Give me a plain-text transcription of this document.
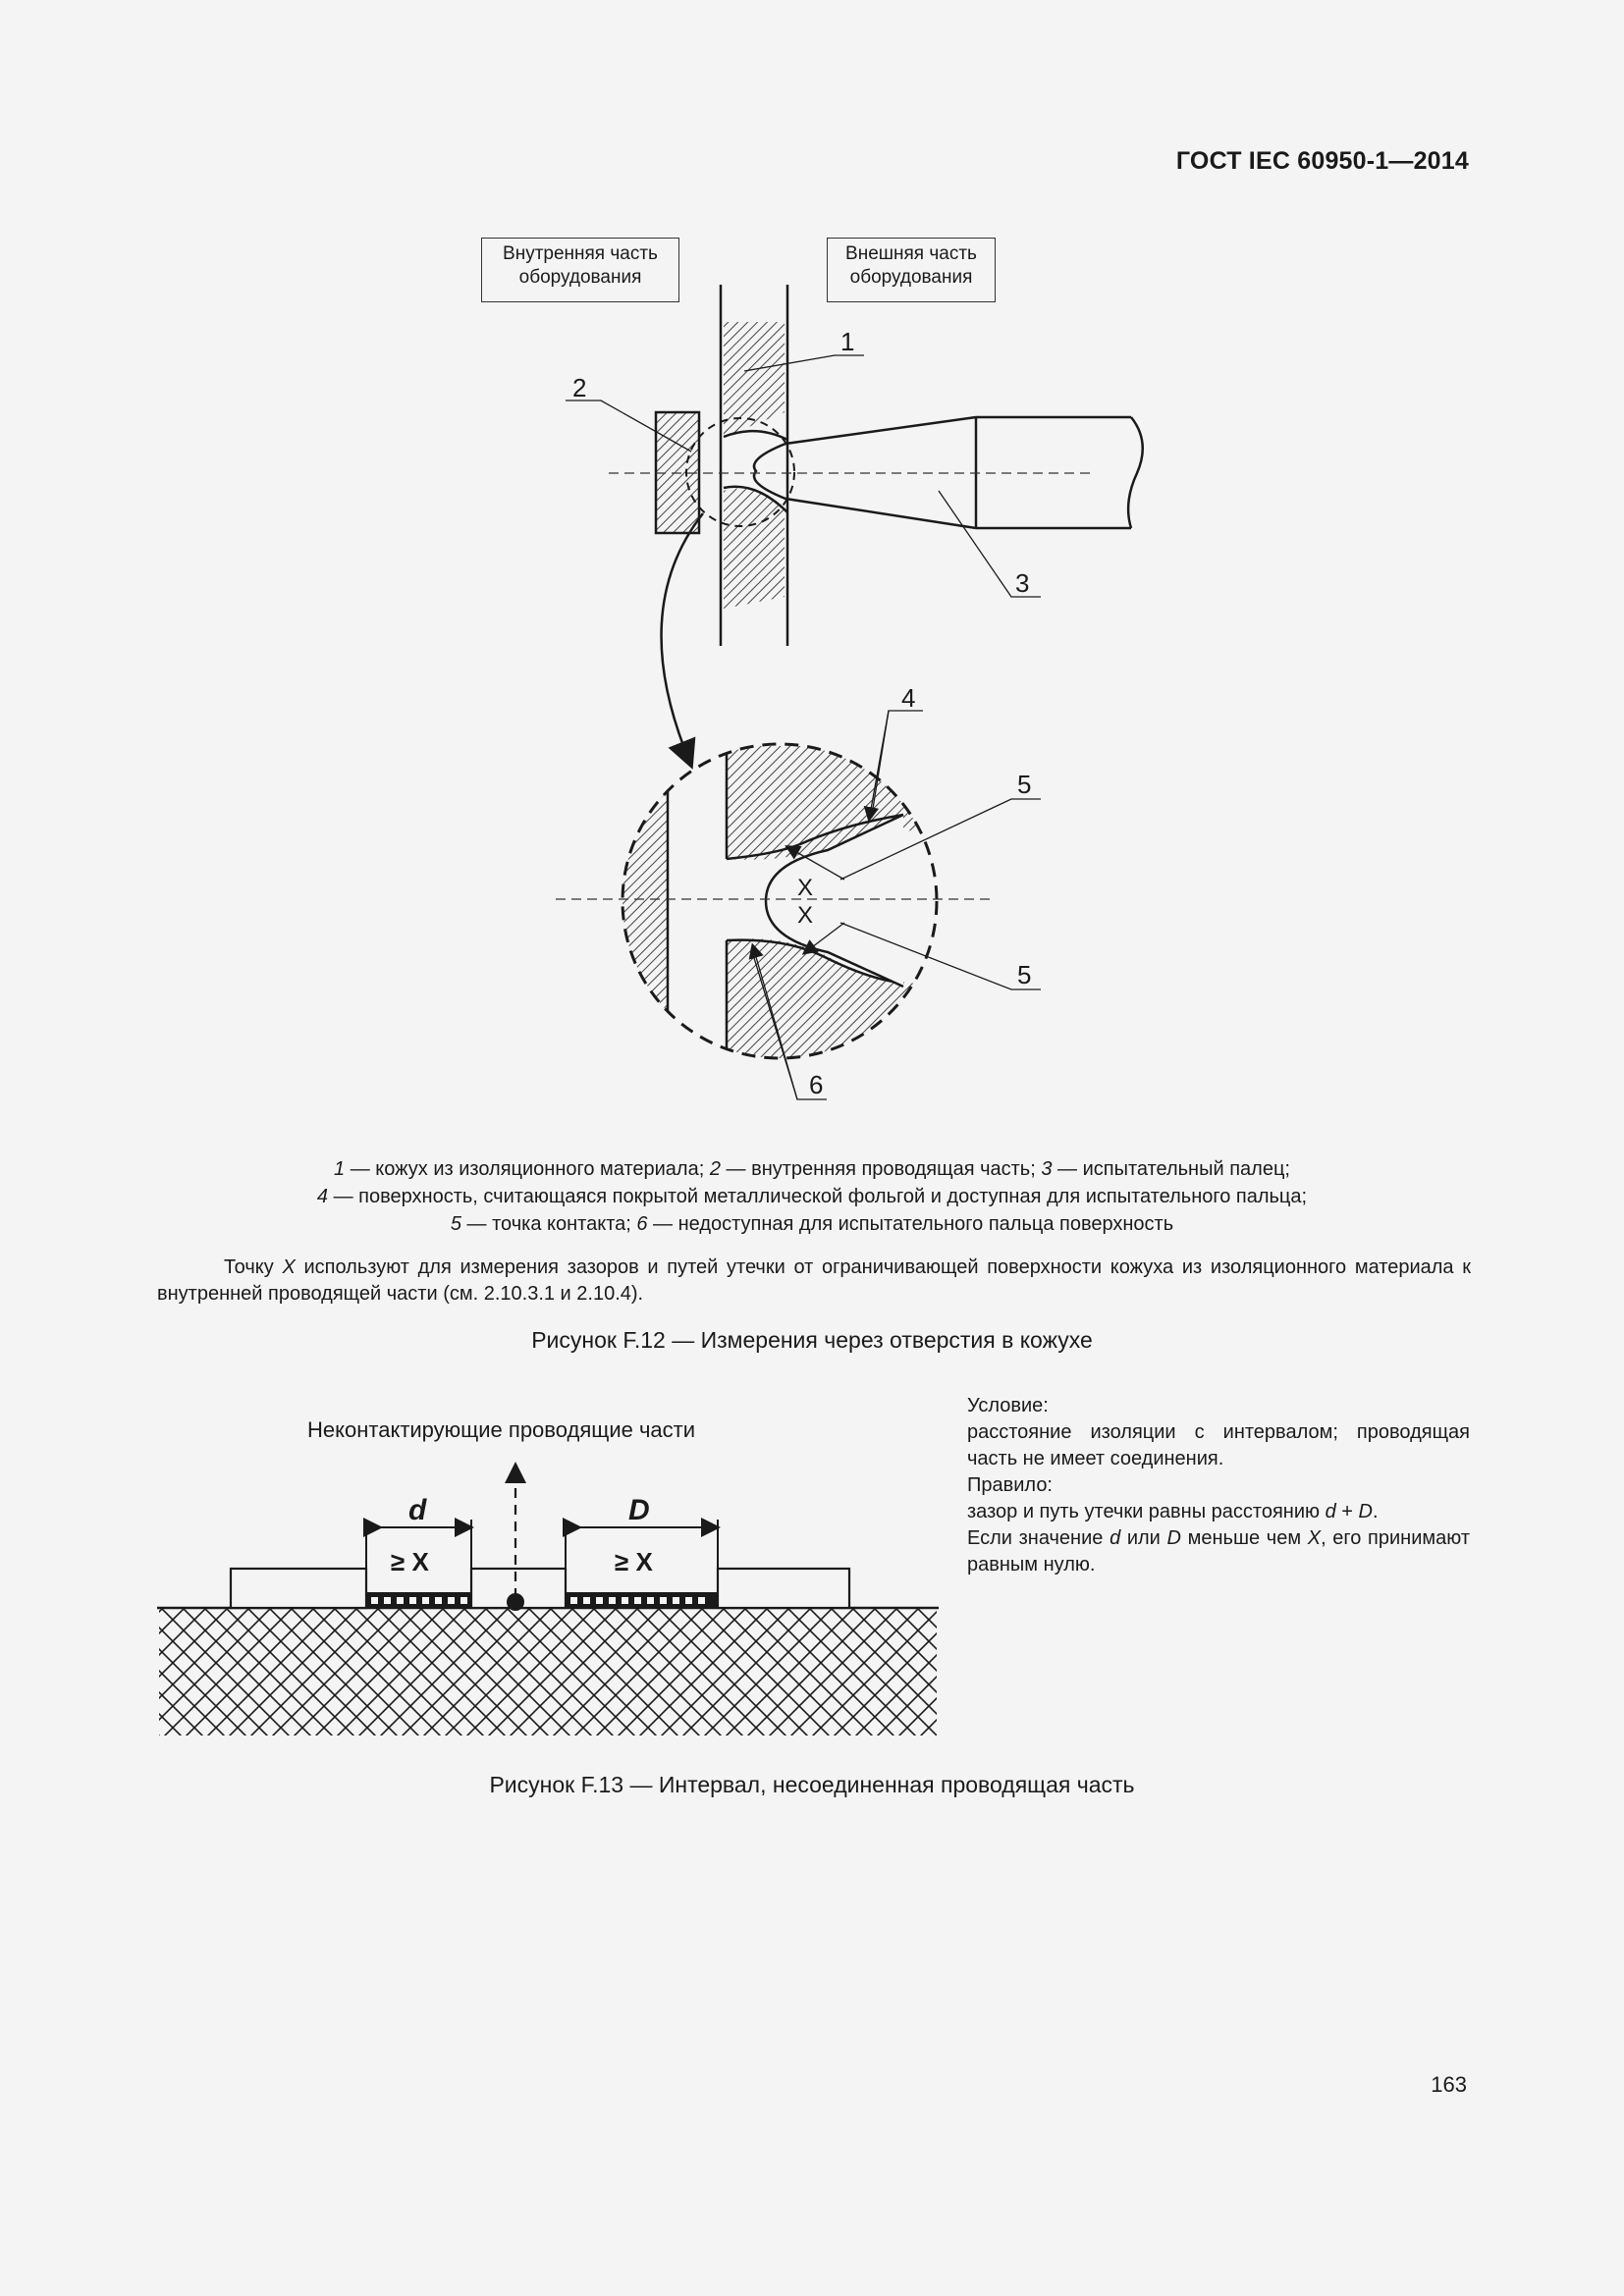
ГОСТ IEC 60950-1—2014
Внутренняя часть оборудования
Внешняя часть оборудования
1
2
3
X
X
4
5
5
6
1 — кожух из изоляционного материала; 2 — внутренняя проводящая часть; 3 — испытательный палец;
4 — поверхность, считающаяся покрытой металлической фольгой и доступная для испытательного пальца;
5 — точка контакта; 6 — недоступная для испытательного пальца поверхность
Точку X используют для измерения зазоров и путей утечки от ограничивающей поверхности кожуха из изоляционного материала к внутренней проводящей части (см. 2.10.3.1 и 2.10.4).
Рисунок F.12 — Измерения через отверстия в кожухе
Неконтактирующие проводящие части
d
≥ X
D
≥ X
Условие:
расстояние изоляции с интервалом; проводящая часть не имеет соединения.
Правило:
зазор и путь утечки равны расстоянию d + D.
Если значение d или D меньше чем X, его принимают равным нулю.
Рисунок F.13 — Интервал, несоединенная проводящая часть
163
